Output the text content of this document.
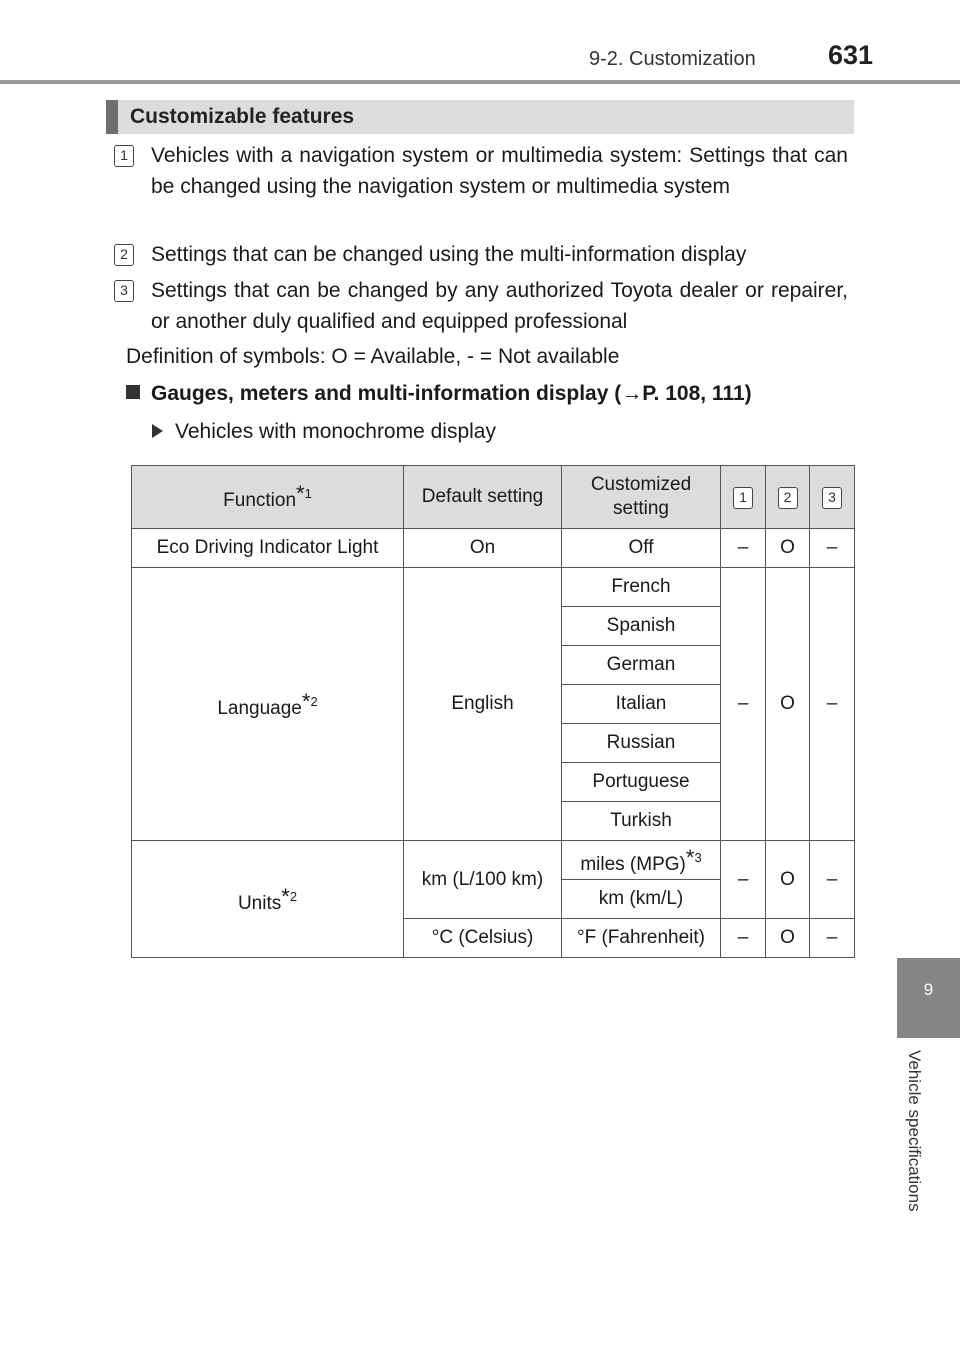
9-2. Customization	631
Customizable features
1 Vehicles with a navigation system or multimedia system: Settings that can be changed using the navigation system or multimedia system
2 Settings that can be changed using the multi-information display
3 Settings that can be changed by any authorized Toyota dealer or repairer, or another duly qualified and equipped professional
Definition of symbols: O = Available, - = Not available
Gauges, meters and multi-information display (→P. 108, 111)
Vehicles with monochrome display
Function$^{*1}$	Default setting	Customized setting	1	2	3
Eco Driving Indicator Light	On	Off	–	O	–
Language$^{*2}$	English	French	–	O	–
		Spanish			
		German			
		Italian			
		Russian			
		Portuguese			
		Turkish			
Units$^{*2}$	km (L/100 km)	miles (MPG)$^{*3}$	–	O	–
		km (km/L)			
	°C (Celsius)	°F (Fahrenheit)	–	O	–
9
Vehicle specifications
